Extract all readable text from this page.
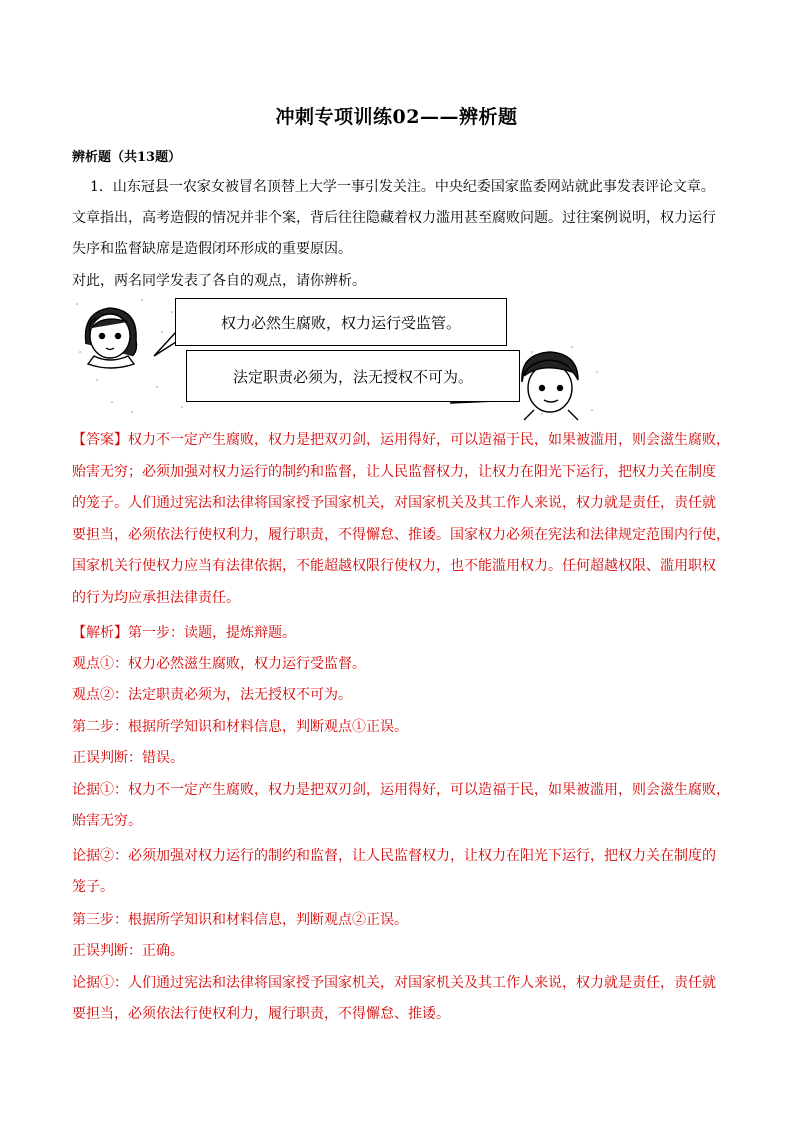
冲刺专项训练02——辨析题
辨析题（共13题）
1．山东冠县一农家女被冒名顶替上大学一事引发关注。中央纪委国家监委网站就此事发表评论文章。
文章指出，高考造假的情况并非个案，背后往往隐藏着权力滥用甚至腐败问题。过往案例说明，权力运行
失序和监督缺席是造假闭环形成的重要原因。
对此，两名同学发表了各自的观点，请你辨析。
权力必然生腐败，权力运行受监管。
法定职责必须为，法无授权不可为。
【答案】权力不一定产生腐败，权力是把双刃剑，运用得好，可以造福于民，如果被滥用，则会滋生腐败，
贻害无穷；必须加强对权力运行的制约和监督，让人民监督权力，让权力在阳光下运行，把权力关在制度
的笼子。人们通过宪法和法律将国家授予国家机关，对国家机关及其工作人来说，权力就是责任，责任就
要担当，必须依法行使权利力，履行职责，不得懈怠、推诿。国家权力必须在宪法和法律规定范围内行使，
国家机关行使权力应当有法律依据，不能超越权限行使权力，也不能滥用权力。任何超越权限、滥用职权
的行为均应承担法律责任。
【解析】第一步：读题，提炼辩题。
观点①：权力必然滋生腐败，权力运行受监督。
观点②：法定职责必须为，法无授权不可为。
第二步：根据所学知识和材料信息，判断观点①正误。
正误判断：错误。
论据①：权力不一定产生腐败，权力是把双刃剑，运用得好，可以造福于民，如果被滥用，则会滋生腐败，
贻害无穷。
论据②：必须加强对权力运行的制约和监督，让人民监督权力，让权力在阳光下运行，把权力关在制度的
笼子。
第三步：根据所学知识和材料信息，判断观点②正误。
正误判断：正确。
论据①：人们通过宪法和法律将国家授予国家机关，对国家机关及其工作人来说，权力就是责任，责任就
要担当，必须依法行使权利力，履行职责，不得懈怠、推诿。
